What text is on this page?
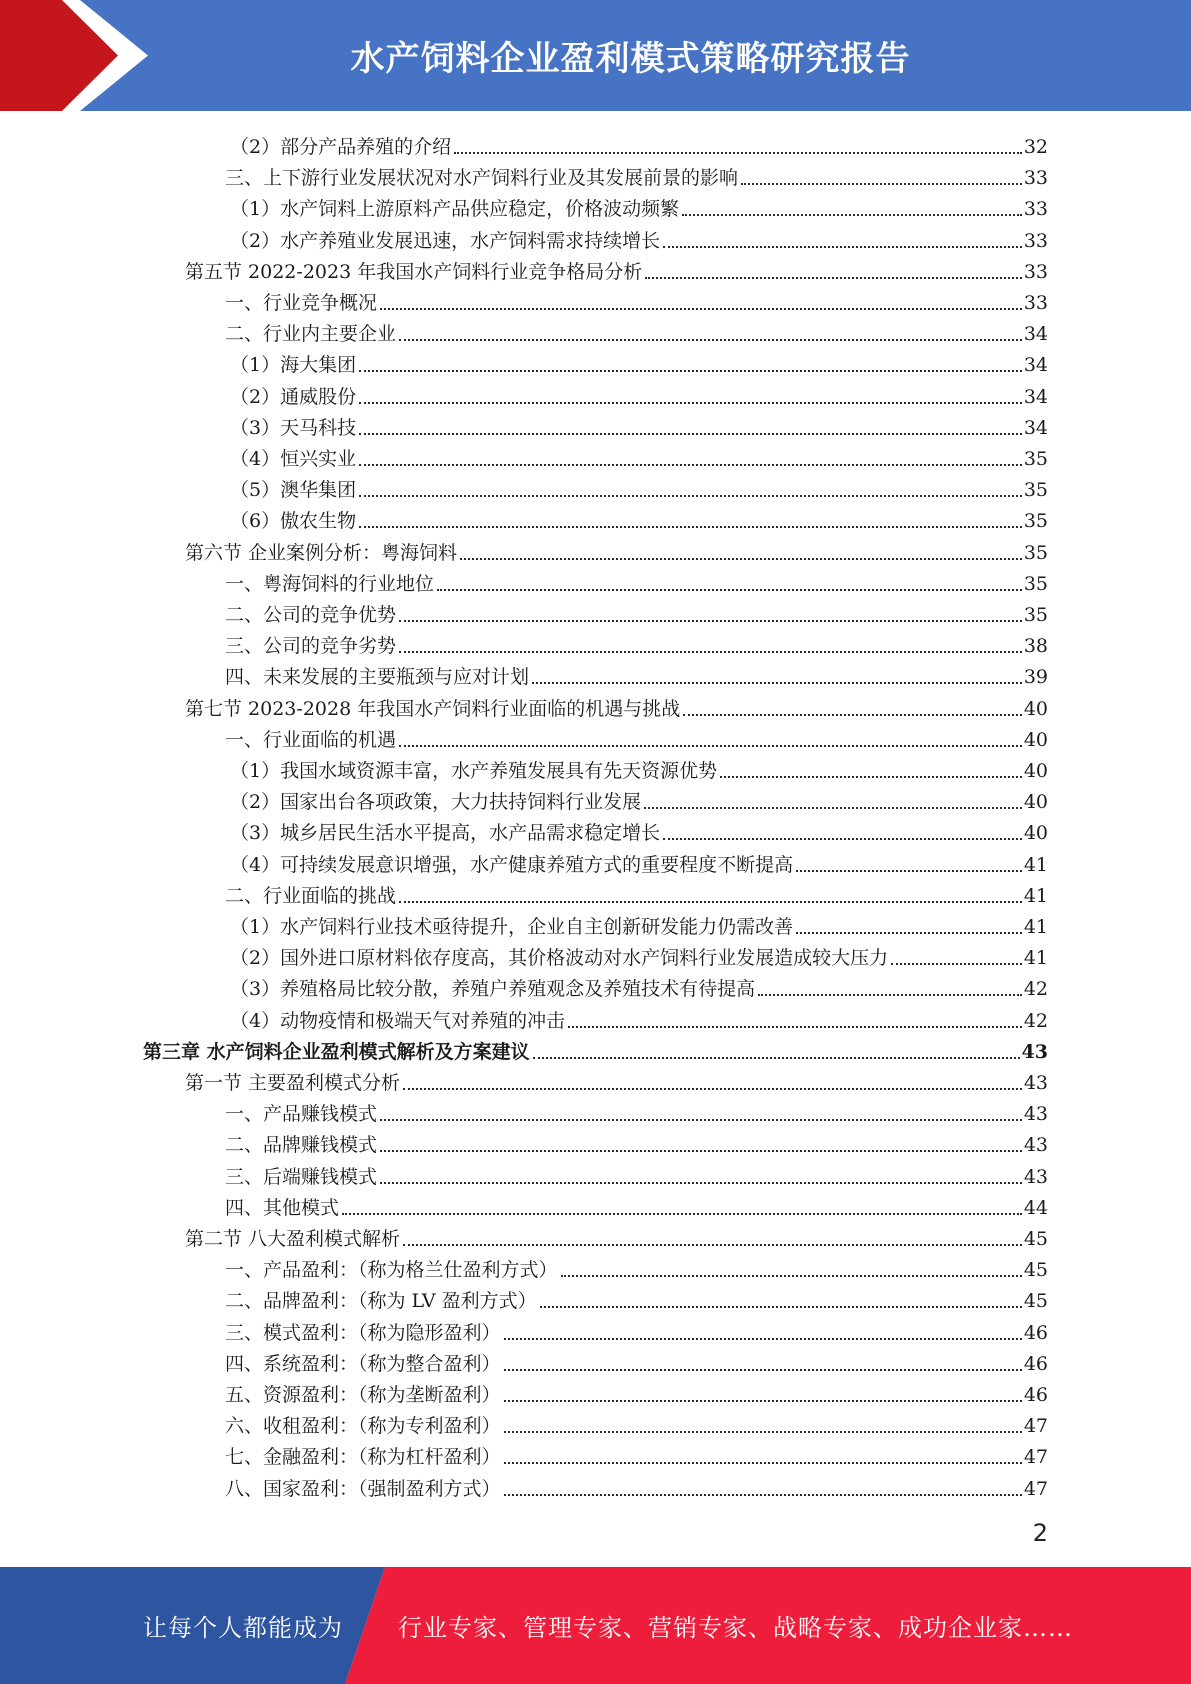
水产饲料企业盈利模式策略研究报告
（2）部分产品养殖的介绍	32
三、上下游行业发展状况对水产饲料行业及其发展前景的影响	33
（1）水产饲料上游原料产品供应稳定，价格波动频繁	33
（2）水产养殖业发展迅速，水产饲料需求持续增长	33
第五节 2022-2023 年我国水产饲料行业竞争格局分析	33
一、行业竞争概况	33
二、行业内主要企业	34
（1）海大集团	34
（2）通威股份	34
（3）天马科技	34
（4）恒兴实业	35
（5）澳华集团	35
（6）傲农生物	35
第六节 企业案例分析：粤海饲料	35
一、粤海饲料的行业地位	35
二、公司的竞争优势	35
三、公司的竞争劣势	38
四、未来发展的主要瓶颈与应对计划	39
第七节 2023-2028 年我国水产饲料行业面临的机遇与挑战	40
一、行业面临的机遇	40
（1）我国水域资源丰富，水产养殖发展具有先天资源优势	40
（2）国家出台各项政策，大力扶持饲料行业发展	40
（3）城乡居民生活水平提高，水产品需求稳定增长	40
（4）可持续发展意识增强，水产健康养殖方式的重要程度不断提高	41
二、行业面临的挑战	41
（1）水产饲料行业技术亟待提升，企业自主创新研发能力仍需改善	41
（2）国外进口原材料依存度高，其价格波动对水产饲料行业发展造成较大压力	41
（3）养殖格局比较分散，养殖户养殖观念及养殖技术有待提高	42
（4）动物疫情和极端天气对养殖的冲击	42
第三章 水产饲料企业盈利模式解析及方案建议	43
第一节 主要盈利模式分析	43
一、产品赚钱模式	43
二、品牌赚钱模式	43
三、后端赚钱模式	43
四、其他模式	44
第二节 八大盈利模式解析	45
一、产品盈利：（称为格兰仕盈利方式）	45
二、品牌盈利：（称为 LV 盈利方式）	45
三、模式盈利：（称为隐形盈利）	46
四、系统盈利：（称为整合盈利）	46
五、资源盈利：（称为垄断盈利）	46
六、收租盈利：（称为专利盈利）	47
七、金融盈利：（称为杠杆盈利）	47
八、国家盈利：（强制盈利方式）	47
2
让每个人都能成为 行业专家、管理专家、营销专家、战略专家、成功企业家……
